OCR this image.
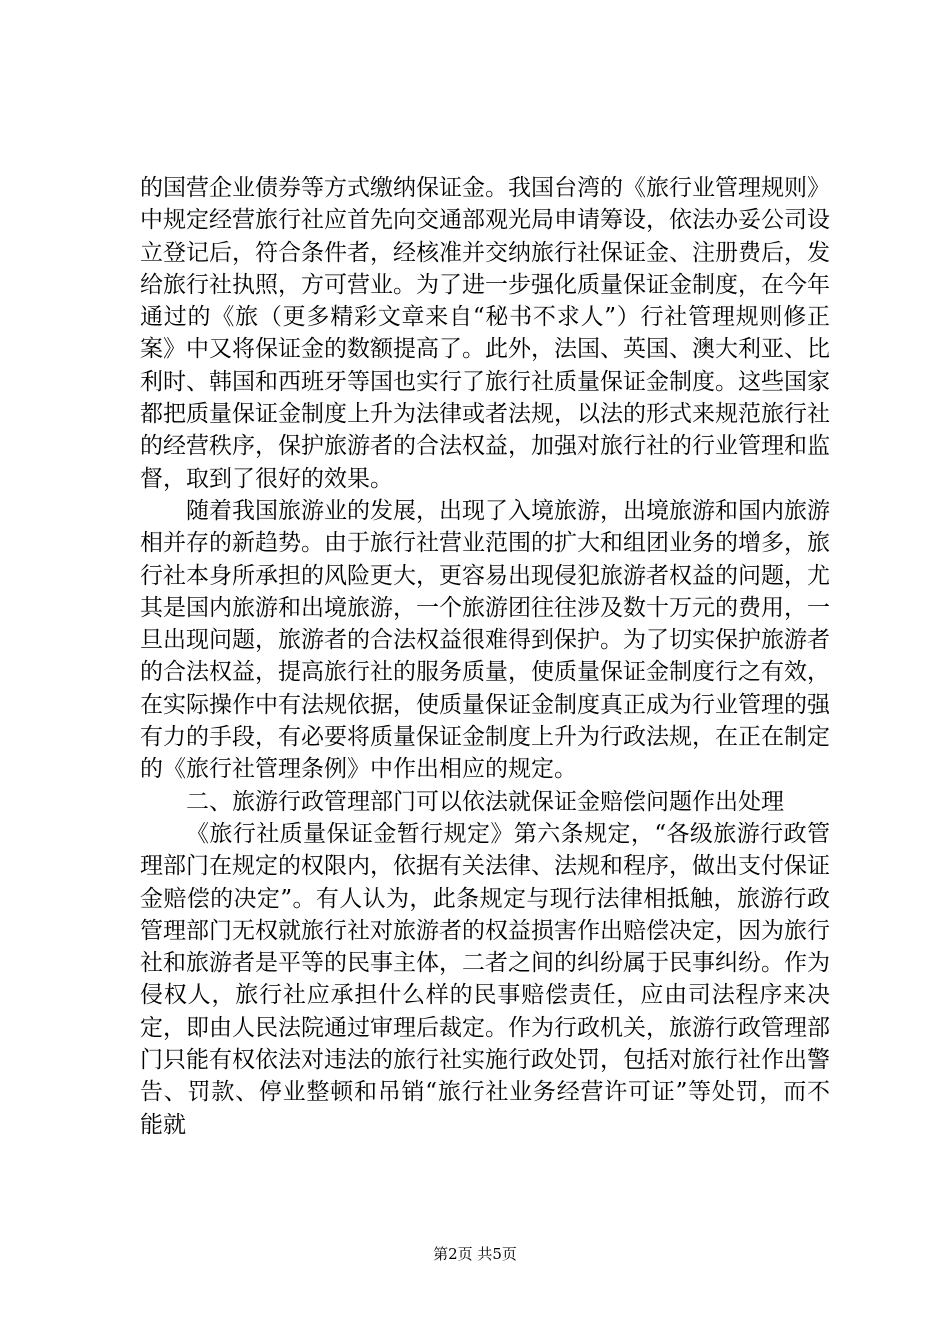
的国营企业债券等方式缴纳保证金。我国台湾的《旅行业管理规则》中规定经营旅行社应首先向交通部观光局申请筹设，依法办妥公司设立登记后，符合条件者，经核准并交纳旅行社保证金、注册费后，发给旅行社执照，方可营业。为了进一步强化质量保证金制度，在今年通过的《旅（更多精彩文章来自“秘书不求人”）行社管理规则修正案》中又将保证金的数额提高了。此外，法国、英国、澳大利亚、比利时、韩国和西班牙等国也实行了旅行社质量保证金制度。这些国家都把质量保证金制度上升为法律或者法规，以法的形式来规范旅行社的经营秩序，保护旅游者的合法权益，加强对旅行社的行业管理和监督，取到了很好的效果。

随着我国旅游业的发展，出现了入境旅游，出境旅游和国内旅游相并存的新趋势。由于旅行社营业范围的扩大和组团业务的增多，旅行社本身所承担的风险更大，更容易出现侵犯旅游者权益的问题，尤其是国内旅游和出境旅游，一个旅游团往往涉及数十万元的费用，一旦出现问题，旅游者的合法权益很难得到保护。为了切实保护旅游者的合法权益，提高旅行社的服务质量，使质量保证金制度行之有效，在实际操作中有法规依据，使质量保证金制度真正成为行业管理的强有力的手段，有必要将质量保证金制度上升为行政法规，在正在制定的《旅行社管理条例》中作出相应的规定。

二、旅游行政管理部门可以依法就保证金赔偿问题作出处理

《旅行社质量保证金暂行规定》第六条规定，“各级旅游行政管理部门在规定的权限内，依据有关法律、法规和程序，做出支付保证金赔偿的决定”。有人认为，此条规定与现行法律相抵触，旅游行政管理部门无权就旅行社对旅游者的权益损害作出赔偿决定，因为旅行社和旅游者是平等的民事主体，二者之间的纠纷属于民事纠纷。作为侵权人，旅行社应承担什么样的民事赔偿责任，应由司法程序来决定，即由人民法院通过审理后裁定。作为行政机关，旅游行政管理部门只能有权依法对违法的旅行社实施行政处罚，包括对旅行社作出警告、罚款、停业整顿和吊销“旅行社业务经营许可证”等处罚，而不能就

第2页 共5页
